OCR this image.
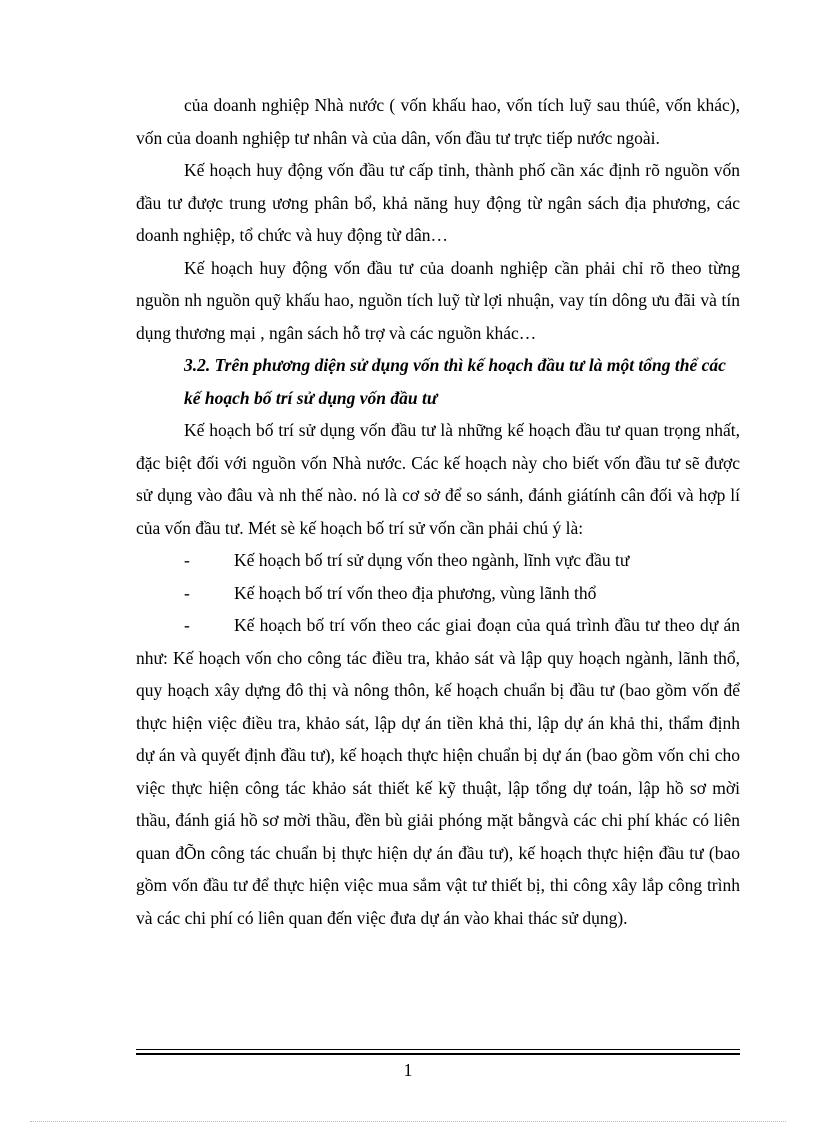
của doanh nghiệp Nhà nước ( vốn khấu hao, vốn tích luỹ sau thúê, vốn khác), vốn của doanh nghiệp tư nhân và của dân, vốn đầu tư trực tiếp nước ngoài.

Kế hoạch huy động vốn đầu tư cấp tỉnh, thành phố cần xác định rõ nguồn vốn đầu tư được trung ương phân bổ, khả năng huy động từ ngân sách địa phương, các doanh nghiệp, tổ chức và huy động từ dân…

Kế hoạch huy động vốn đầu tư của doanh nghiệp cần phải chỉ rõ theo từng nguồn nh nguồn quỹ khấu hao, nguồn tích luỹ từ lợi nhuận, vay tín dông ưu đãi và tín dụng thương mại , ngân sách hỗ trợ và các nguồn khác…

3.2. Trên phương diện sử dụng vốn thì kế hoạch đầu tư là một tổng thể các kế hoạch bố trí sử dụng vốn đầu tư

Kế hoạch bố trí sử dụng vốn đầu tư là những kế hoạch đầu tư quan trọng nhất, đặc biệt đối với nguồn vốn Nhà nước. Các kế hoạch này cho biết vốn đầu tư sẽ được sử dụng vào đâu và nh thế nào. nó là cơ sở để so sánh, đánh giátính cân đối và hợp lí của vốn đầu tư. Mét sè kế hoạch bố trí sử vốn cần phải chú ý là:

-	Kế hoạch bố trí sử dụng vốn theo ngành, lĩnh vực đầu tư
-	Kế hoạch bố trí vốn theo địa phương, vùng lãnh thổ
-	Kế hoạch bố trí vốn theo các giai đoạn của quá trình đầu tư theo dự án như: Kế hoạch vốn cho công tác điều tra, khảo sát và lập quy hoạch ngành, lãnh thổ, quy hoạch xây dựng đô thị và nông thôn, kế hoạch chuẩn bị đầu tư (bao gồm vốn để thực hiện việc điều tra, khảo sát, lập dự án tiền khả thi, lập dự án khả thi, thẩm định dự án và quyết định đầu tư), kế hoạch thực hiện chuẩn bị dự án (bao gồm vốn chi cho việc thực hiện công tác khảo sát thiết kế kỹ thuật, lập tổng dự toán, lập hồ sơ mời thầu, đánh giá hồ sơ mời thầu, đền bù giải phóng mặt bằngvà các chi phí khác có liên quan đÕn công tác chuẩn bị thực hiện dự án đầu tư), kế hoạch thực hiện đầu tư (bao gồm vốn đầu tư để thực hiện việc mua sắm vật tư thiết bị, thi công xây lắp công trình và các chi phí có liên quan đến việc đưa dự án vào khai thác sử dụng).
1
